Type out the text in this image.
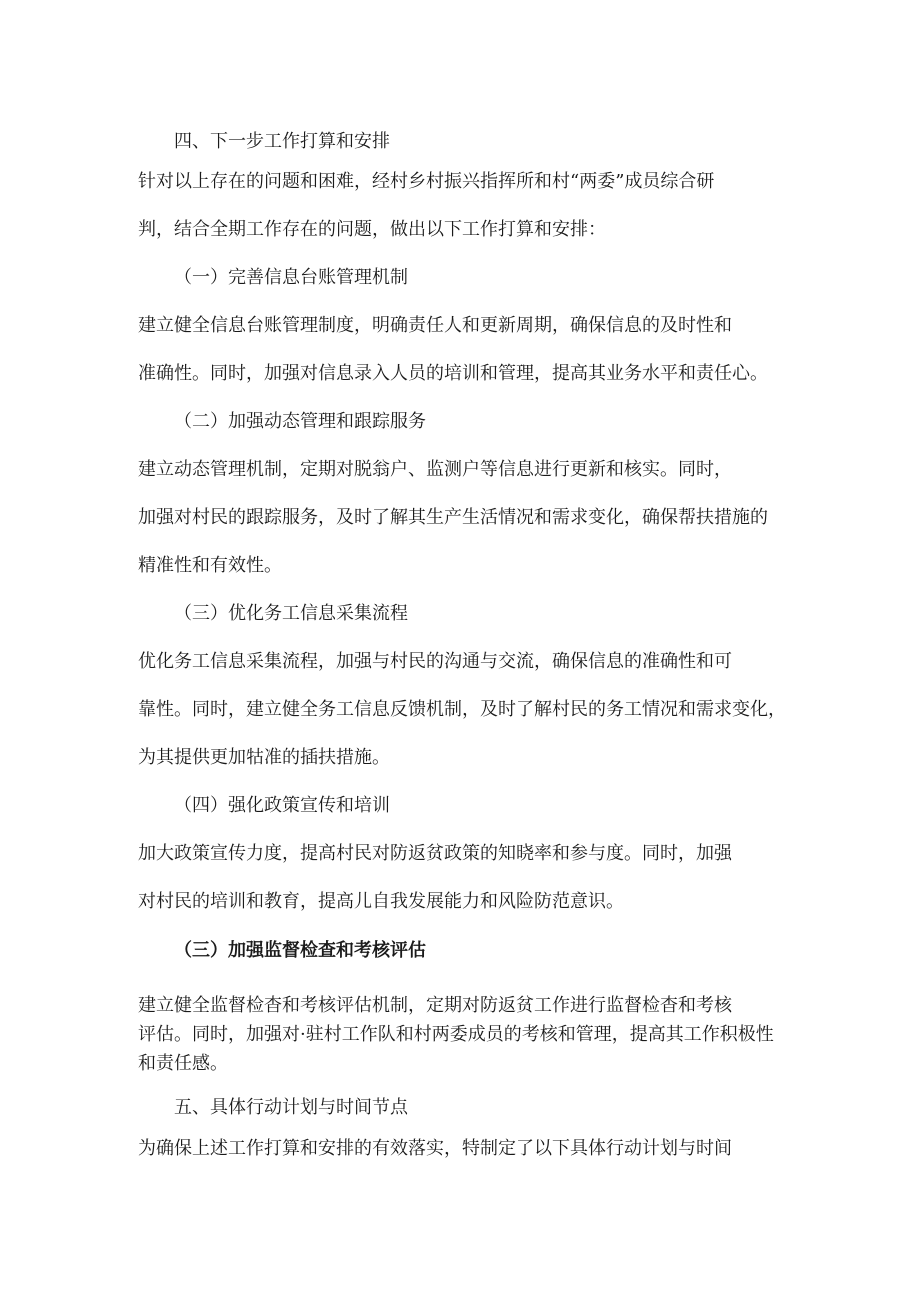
四、下一步工作打算和安排

针对以上存在的问题和困难，经村乡村振兴指挥所和村“两委”成员综合研
判，结合全期工作存在的问题，做出以下工作打算和安排：

（一）完善信息台账管理机制

建立健全信息台账管理制度，明确责任人和更新周期，确保信息的及时性和
准确性。同时，加强对信息录入人员的培训和管理，提高其业务水平和责任心。

（二）加强动态管理和跟踪服务

建立动态管理机制，定期对脱翁户、监测户等信息进行更新和核实。同时，
加强对村民的跟踪服务，及时了解其生产生活情况和需求变化，确保帮扶措施的
精准性和有效性。

（三）优化务工信息采集流程

优化务工信息采集流程，加强与村民的沟通与交流，确保信息的准确性和可
靠性。同时，建立健全务工信息反馈机制，及时了解村民的务工情况和需求变化，
为其提供更加牯准的插扶措施。

（四）强化政策宣传和培训

加大政策宣传力度，提高村民对防返贫政策的知晓率和参与度。同时，加强
对村民的培训和教育，提高儿自我发展能力和风险防范意识。

（三）加强监督检查和考核评估

建立健全监督检杳和考核评估机制，定期对防返贫工作进行监督检杳和考核
评估。同时，加强对·驻村工作队和村两委成员的考核和管理，提高其工作积极性
和责任感。

五、具体行动计划与时间节点

为确保上述工作打算和安排的有效落实，特制定了以下具体行动计划与时间
